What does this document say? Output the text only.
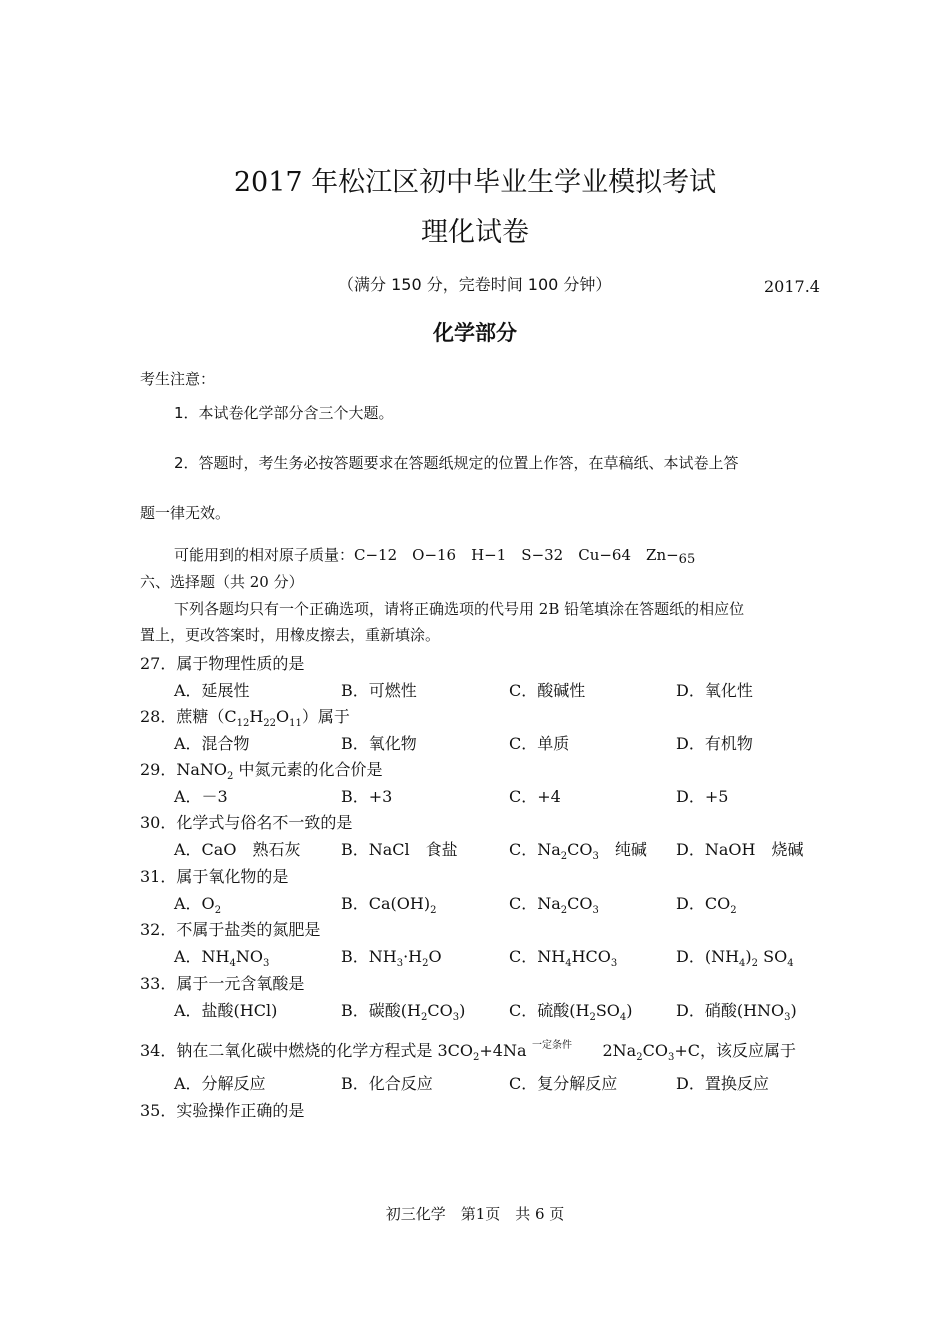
2017 年松江区初中毕业生学业模拟考试
理化试卷
（满分 150 分，完卷时间 100 分钟）	2017.4
化学部分
考生注意：
1．本试卷化学部分含三个大题。
2．答题时，考生务必按答题要求在答题纸规定的位置上作答，在草稿纸、本试卷上答
题一律无效。
可能用到的相对原子质量：C−12　O−16　H−1　S−32　Cu−64　Zn−65
六、选择题（共 20 分）
下列各题均只有一个正确选项，请将正确选项的代号用 2B 铅笔填涂在答题纸的相应位
置上，更改答案时，用橡皮擦去，重新填涂。
27．属于物理性质的是
A．延展性	B．可燃性	C．酸碱性	D．氧化性
28．蔗糖$(C_{12}H_{22}O_{11})$属于
A．混合物	B．氧化物	C．单质	D．有机物
29．NaNO$_2$ 中氮元素的化合价是
A．－3	B．+3	C．+4	D．+5
30．化学式与俗名不一致的是
A．CaO　熟石灰	B．NaCl　食盐	C．$Na_2CO_3$　纯碱 D．NaOH　烧碱
31．属于氧化物的是
A．$O_2$	B．$Ca(OH)_2$	C．$Na_2CO_3$	D．$CO_2$
32．不属于盐类的氮肥是
A．$NH_4NO_3$	B．$NH_3\cdot H_2O$	C．$NH_4HCO_3$	D．$(NH_4)_2$ $SO_4$
33．属于一元含氧酸是
A．盐酸(HCl)	B．碳酸$(H_2CO_3)$	C．硫酸$(H_2SO_4)$	D．硝酸$(HNO_3)$
34．钠在二氧化碳中燃烧的化学方程式是 $3CO_2+4Na$	$2Na_2CO_3+C$，该反应属于
一定条件
A．分解反应	B．化合反应	C．复分解反应	D．置换反应
35．实验操作正确的是
初三化学　第1页　共 6 页
